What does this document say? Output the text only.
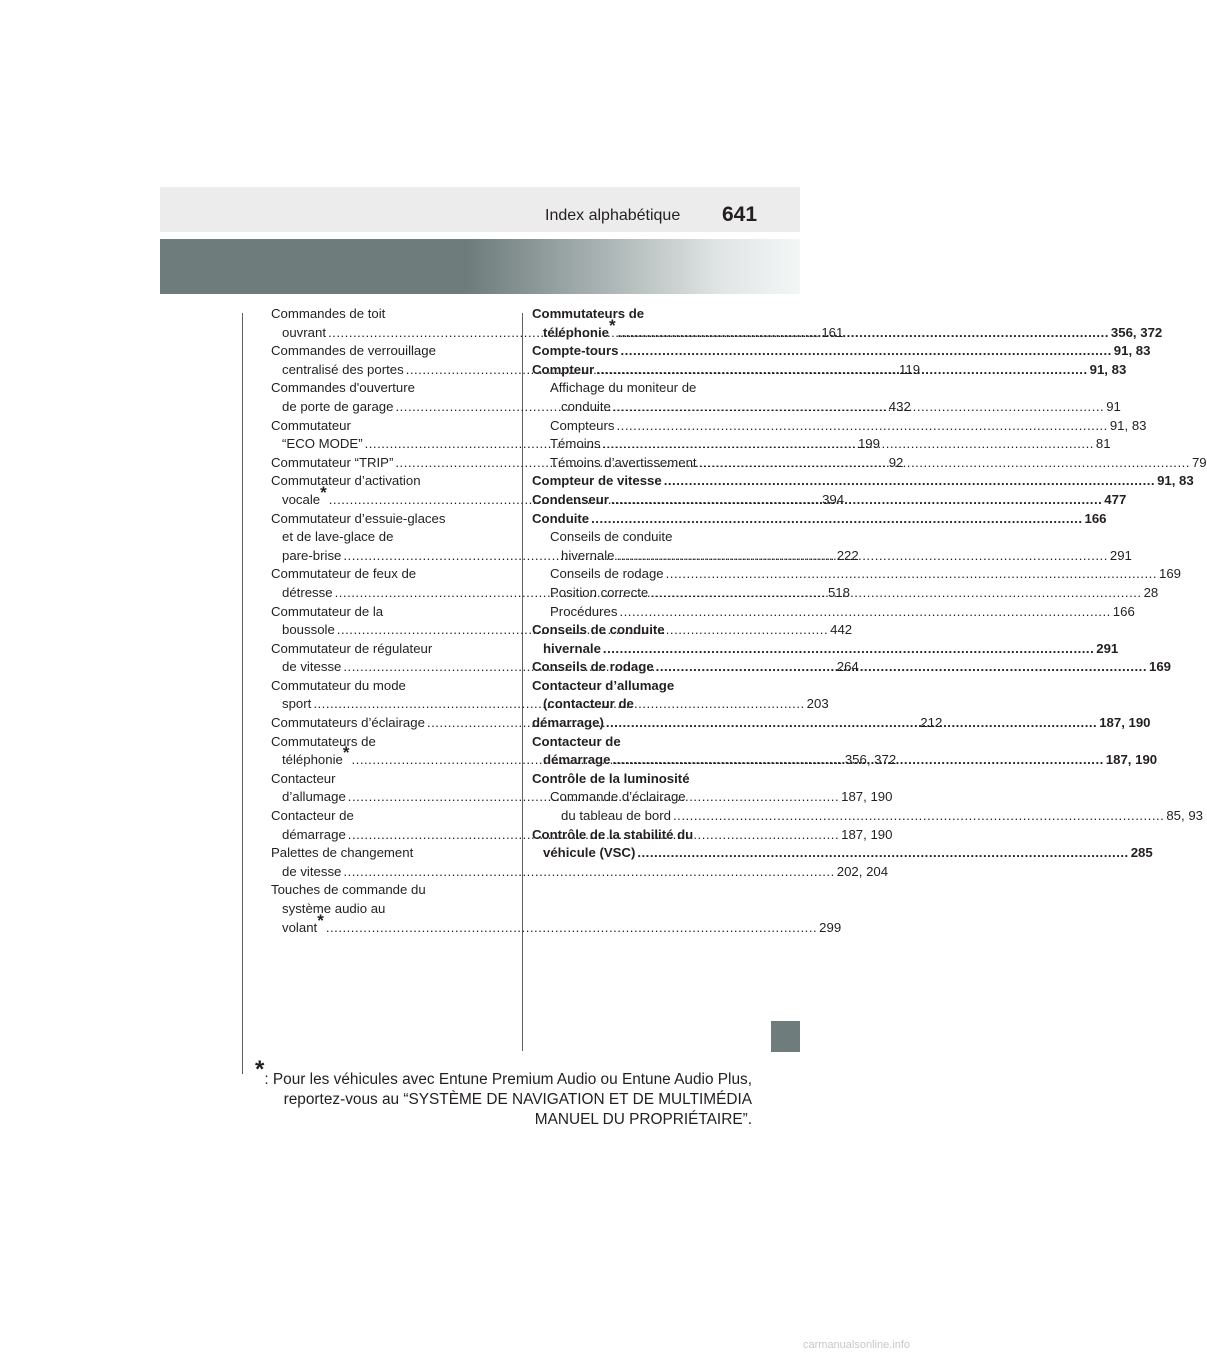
Index alphabétique 641
Commandes de toit
ouvrant .....	161
Commandes de verrouillage
centralisé des portes .....	119
Commandes d'ouverture
de porte de garage .....	432
Commutateur
“ECO MODE” .....	199
Commutateur “TRIP” .....	92
Commutateur d’activation
vocale* .....	394
Commutateur d’essuie-glaces
et de lave-glace de
pare-brise .....	222
Commutateur de feux de
détresse .....	518
Commutateur de la
boussole .....	442
Commutateur de régulateur
de vitesse .....	264
Commutateur du mode
sport .....	203
Commutateurs d’éclairage .....	212
Commutateurs de
téléphonie* .....	356, 372
Contacteur
d’allumage .....	187, 190
Contacteur de
démarrage .....	187, 190
Palettes de changement
de vitesse .....	202, 204
Touches de commande du
système audio au
volant* .....	299
Commutateurs de
téléphonie* .....	356, 372
Compte-tours .....	91, 83
Compteur .....	91, 83
Affichage du moniteur de
conduite .....	91
Compteurs .....	91, 83
Témoins .....	81
Témoins d’avertissement .....	79
Compteur de vitesse .....	91, 83
Condenseur .....	477
Conduite .....	166
Conseils de conduite
hivernale .....	291
Conseils de rodage .....	169
Position correcte .....	28
Procédures .....	166
Conseils de conduite
hivernale .....	291
Conseils de rodage .....	169
Contacteur d’allumage
(contacteur de
démarrage) .....	187, 190
Contacteur de
démarrage .....	187, 190
Contrôle de la luminosité
Commande d’éclairage
du tableau de bord .....	85, 93
Contrôle de la stabilité du
véhicule (VSC) .....	285
*: Pour les véhicules avec Entune Premium Audio ou Entune Audio Plus,
reportez-vous au “SYSTÈME DE NAVIGATION ET DE MULTIMÉDIA
MANUEL DU PROPRIÉTAIRE”.
carmanualsonline.info
